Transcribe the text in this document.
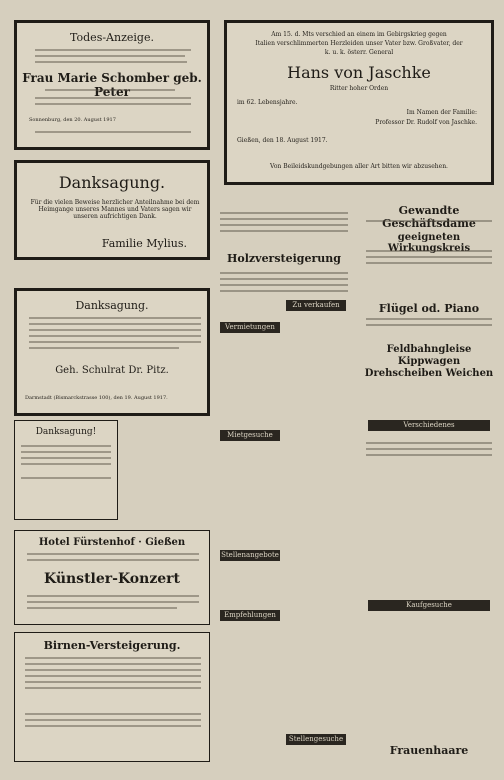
Todes-Anzeige.
Frau Marie Schomber geb. Peter
Sonnenburg, den 20. August 1917
Danksagung.
Für die vielen Beweise herzlicher Anteilnahme bei dem Heimgange unseres Mannes und Vaters sagen wir unseren aufrichtigen Dank.
Familie Mylius.
Danksagung.
Geh. Schulrat Dr. Pitz.
Darmstadt (Bismarckstrasse 100), den 19. August 1917.
Danksagung!
Hotel Fürstenhof · Gießen
Künstler-Konzert
Birnen-Versteigerung.
Am 15. d. Mts verschied an einem im Gebirgskrieg gegen
Italien verschlimmerten Herzleiden unser Vater bzw. Großvater, der
k. u. k. österr. General
Hans von Jaschke
Ritter hoher Orden
im 62. Lebensjahre.
Im Namen der Familie:
Professor Dr. Rudolf von Jaschke.
Gießen, den 18. August 1917.
Von Beileidskundgebungen aller Art bitten wir abzusehen.
Holzversteigerung
Vermietungen
Mietgesuche
Stellenangebote
Empfehlungen
Zu verkaufen
Stellengesuche
Gewandte Geschäftsdame
geeigneten Wirkungskreis
Flügel od. Piano
Feldbahngleise Kippwagen Drehscheiben Weichen
Verschiedenes
Kaufgesuche
Frauenhaare
